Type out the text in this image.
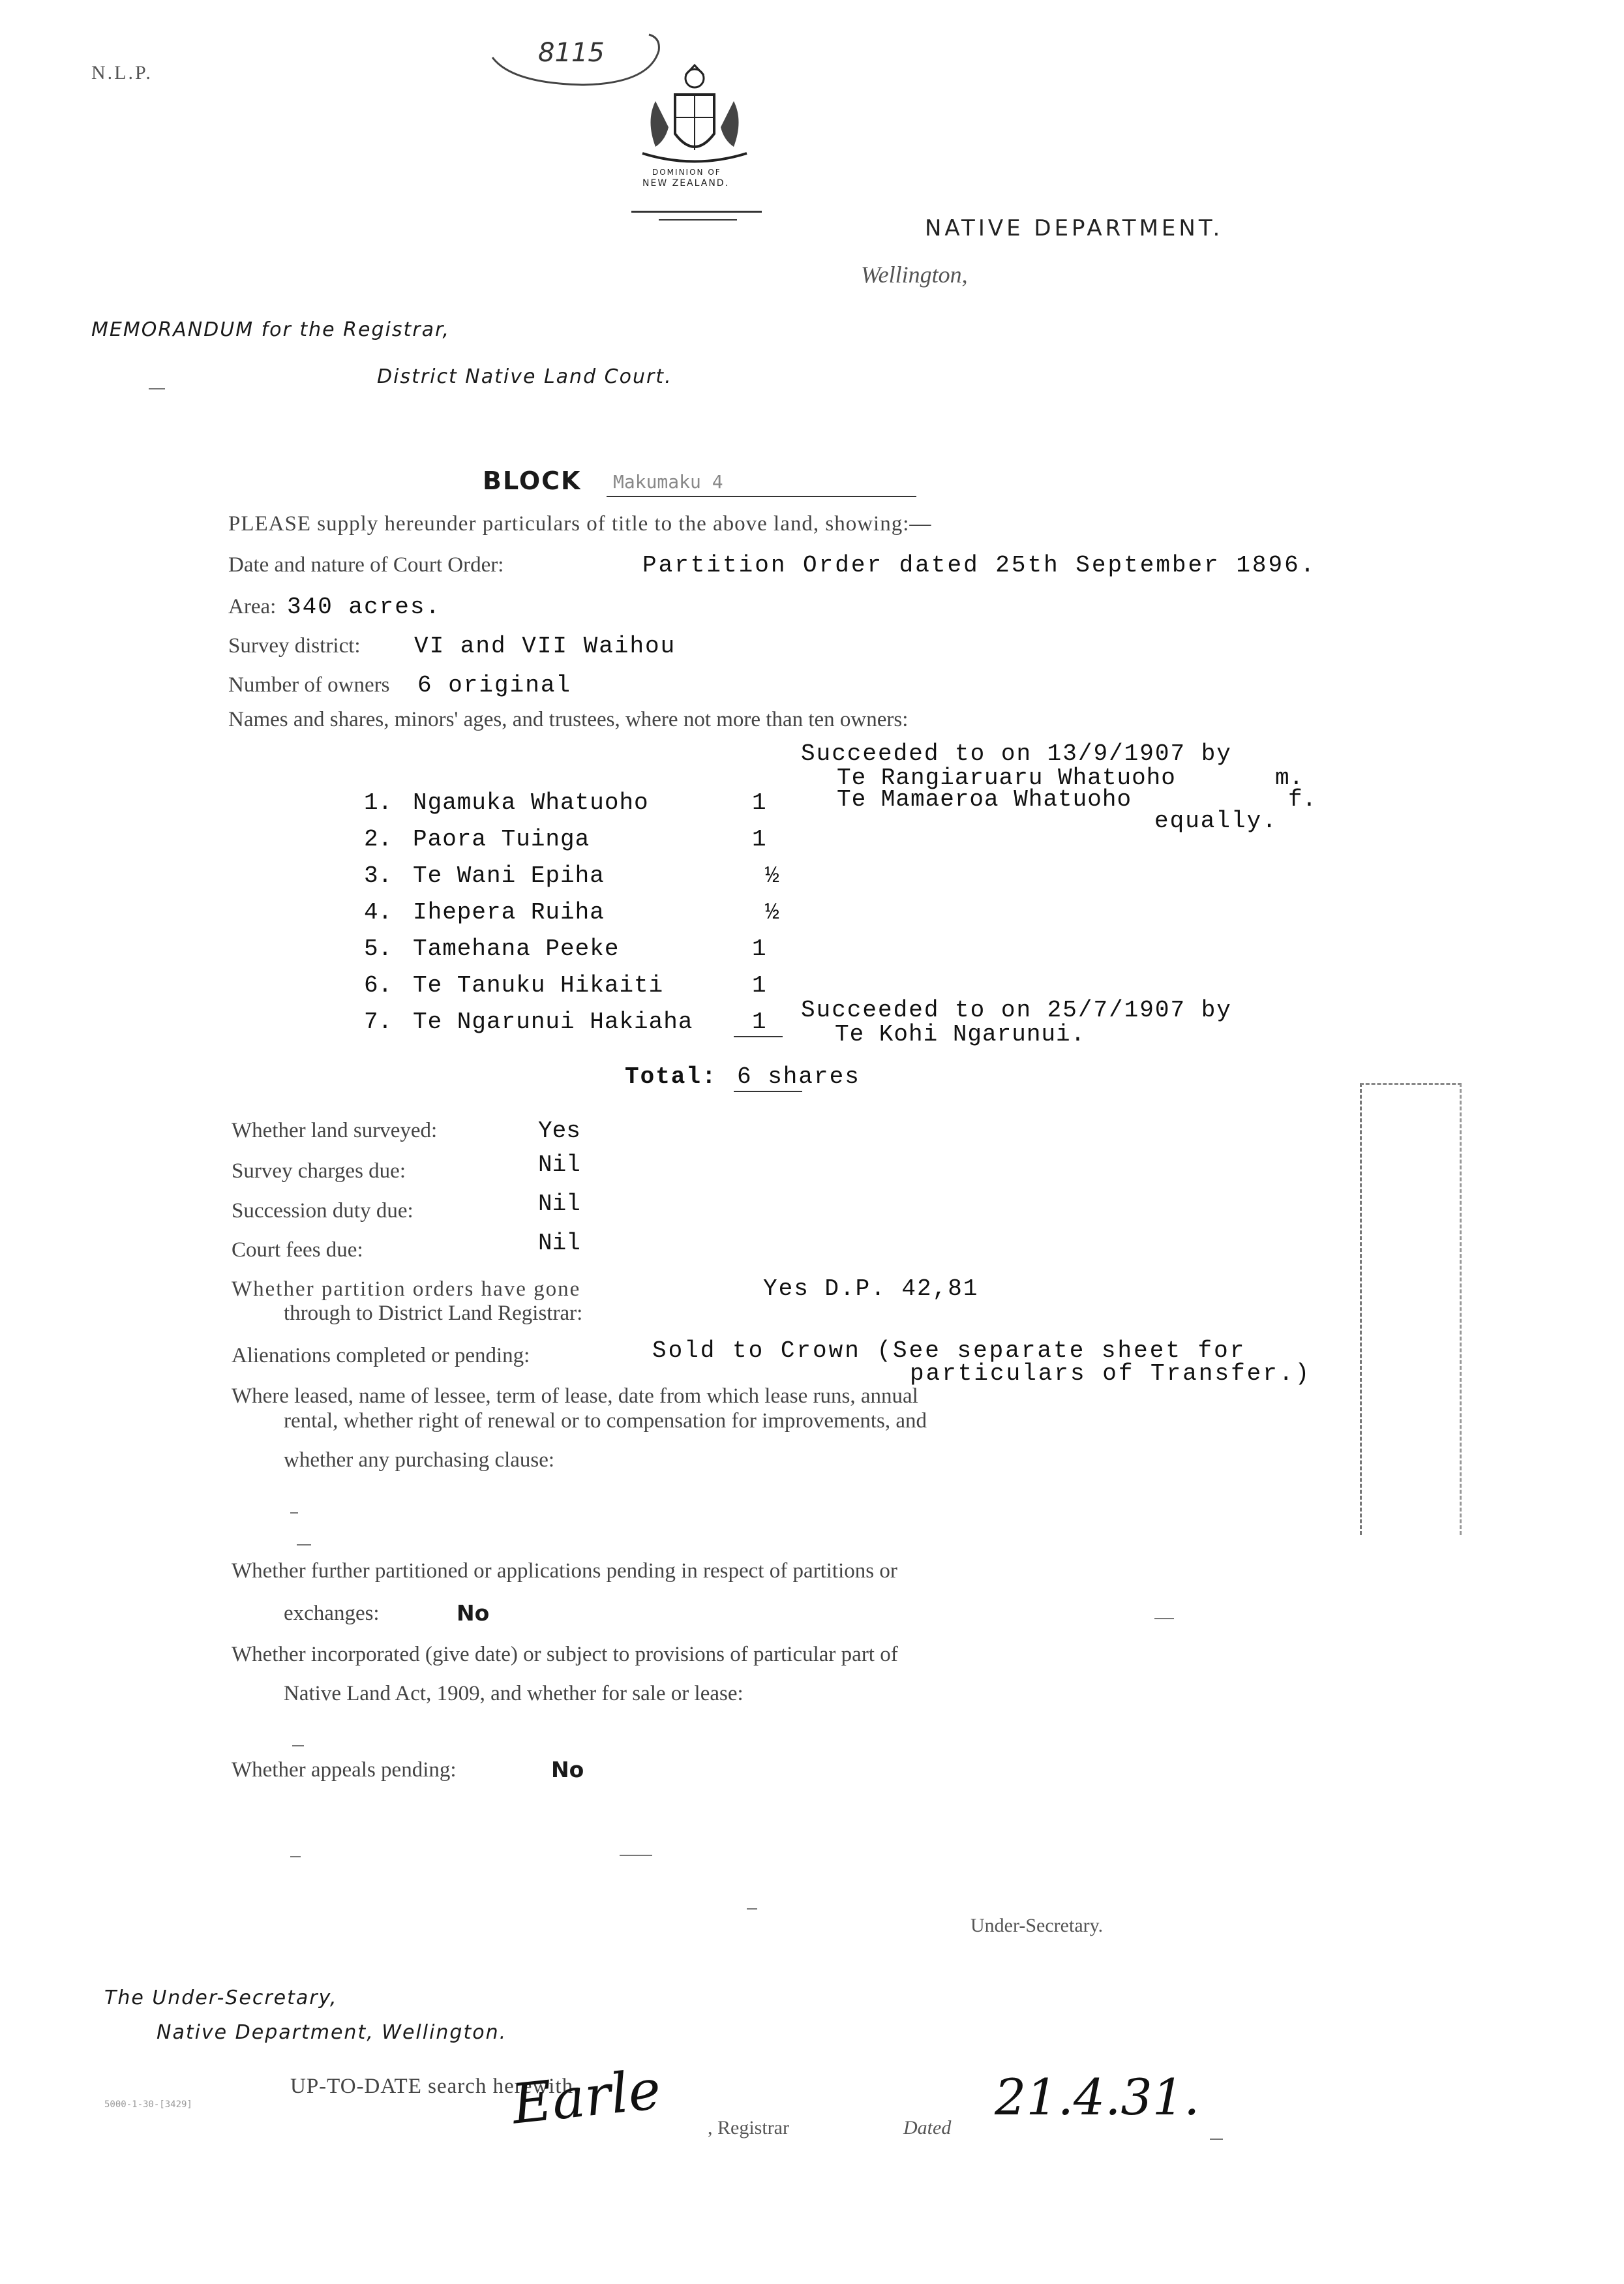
N.L.P.
8115
DOMINION OF
NEW ZEALAND.
NATIVE DEPARTMENT.
Wellington,
MEMORANDUM for the Registrar,
District Native Land Court.
BLOCK Makumaku 4
PLEASE supply hereunder particulars of title to the above land, showing:—
Date and nature of Court Order:	Partition Order dated 25th September 1896.
Area: 340 acres.
Survey district: VI and VII Waihou
Number of owners 6 original
Names and shares, minors' ages, and trustees, where not more than ten owners:
Succeeded to on 13/9/1907 by
Te Rangiaruaru Whatuoho	m.
Te Mamaeroa Whatuoho	f.
equally.
1. Ngamuka Whatuoho	1
2. Paora Tuinga	1
3. Te Wani Epiha	½
4. Ihepera Ruiha	½
5. Tamehana Peeke	1
6. Te Tanuku Hikaiti	1
7. Te Ngarunui Hakiaha	1 Succeeded to on 25/7/1907 by
Te Kohi Ngarunui.
Total: 6 shares
Whether land surveyed:	Yes
Survey charges due:	Nil
Succession duty due:	Nil
Court fees due:	Nil
Whether partition orders have gone
through to District Land Registrar:
Yes D.P. 42,81
Alienations completed or pending:	Sold to Crown (See separate sheet for
particulars of Transfer.)
Where leased, name of lessee, term of lease, date from which lease runs, annual
rental, whether right of renewal or to compensation for improvements, and
whether any purchasing clause:
Whether further partitioned or applications pending in respect of partitions or
exchanges:	No
Whether incorporated (give date) or subject to provisions of particular part of
Native Land Act, 1909, and whether for sale or lease:
Whether appeals pending:	No
Under-Secretary.
The Under-Secretary,
Native Department, Wellington.
UP-TO-DATE search herewith.
Earle , Registrar	Dated
21.4.31.
5000-1-30-[3429]
